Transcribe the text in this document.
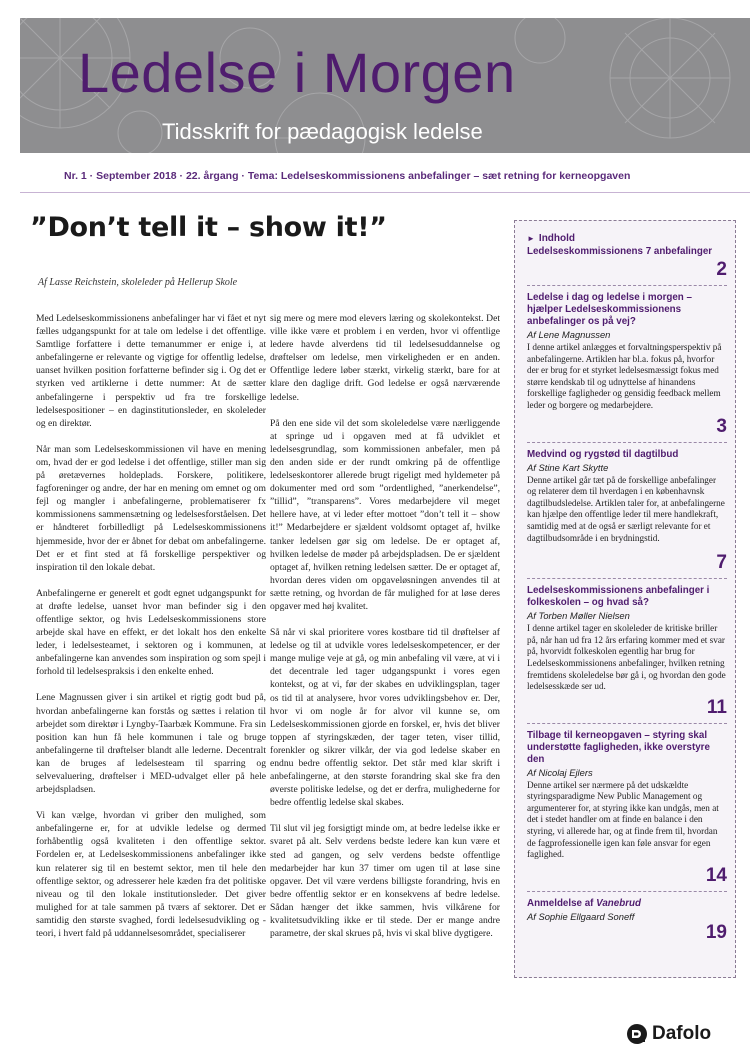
Ledelse i Morgen
Tidsskrift for pædagogisk ledelse
Nr. 1 · September 2018 · 22. årgang · Tema: Ledelseskommissionens anbefalinger – sæt retning for kerneopgaven
”Don’t tell it – show it!”
Af Lasse Reichstein, skoleleder på Hellerup Skole

Med Ledelseskommissionens anbefalinger har vi fået et nyt fælles udgangspunkt for at tale om ledelse i det offentlige. Samtlige forfattere i dette temanummer er enige i, at anbefalingerne er relevante og vigtige for offentlig ledelse, uanset hvilken position forfatterne befinder sig i. Og det er styrken ved artiklerne i dette nummer: At de sætter anbefalingerne i perspektiv ud fra tre forskellige ledelsespositioner – en daginstitutionsleder, en skoleleder og en direktør.

Når man som Ledelseskommissionen vil have en mening om, hvad der er god ledelse i det offentlige, stiller man sig på øretævernes holdeplads. Forskere, politikere, fagforeninger og andre, der har en mening om emnet og om fejl og mangler i anbefalingerne, problematiserer fx kommissionens sammensætning og ledelsesforståelsen. Det er håndteret forbilledligt på Ledelseskommissionens hjemmeside, hvor der er åbnet for debat om anbefalingerne. Det er et fint sted at få forskellige perspektiver og inspiration til den lokale debat.

Anbefalingerne er generelt et godt egnet udgangspunkt for at drøfte ledelse, uanset hvor man befinder sig i den offentlige sektor, og hvis Ledelseskommissionens store arbejde skal have en effekt, er det lokalt hos den enkelte leder, i ledelsesteamet, i sektoren og i kommunen, at anbefalingerne kan anvendes som inspiration og som spejl i forhold til ledelsespraksis i den enkelte enhed.

Lene Magnussen giver i sin artikel et rigtig godt bud på, hvordan anbefalingerne kan forstås og sættes i relation til arbejdet som direktør i Lyngby-Taarbæk Kommune. Fra sin position kan hun få hele kommunen i tale og bruge anbefalingerne til drøftelser blandt alle lederne. Decentralt kan de bruges af ledelsesteam til sparring og selvevaluering, drøftelser i MED-udvalget eller på hele arbejdspladsen.

Vi kan vælge, hvordan vi griber den mulighed, som anbefalingerne er, for at udvikle ledelse og dermed forhåbentlig også kvaliteten i den offentlige sektor. Fordelen er, at Ledelseskommissionens anbefalinger ikke kun relaterer sig til en bestemt sektor, men til hele den offentlige sektor, og adresserer hele kæden fra det politiske niveau og til den lokale institutionsleder. Det giver mulighed for at tale sammen på tværs af sektorer. Det er samtidig den største svaghed, fordi ledelsesudvikling og -teori, i hvert fald på uddannelsesområdet, specialiserer

sig mere og mere mod elevers læring og skolekontekst. Det ville ikke være et problem i en verden, hvor vi offentlige ledere havde alverdens tid til ledelsesuddannelse og drøftelser om ledelse, men virkeligheden er en anden. Offentlige ledere løber stærkt, virkelig stærkt, bare for at klare den daglige drift. God ledelse er også nærværende ledelse.

På den ene side vil det som skoleledelse være nærliggende at springe ud i opgaven med at få udviklet et ledelsesgrundlag, som kommissionen anbefaler, men på den anden side er der rundt omkring på de offentlige ledelseskontorer allerede brugt rigeligt med hyldemeter på dokumenter med ord som ”ordentlighed, ”anerkendelse”, ”tillid”, ”transparens”. Vores medarbejdere vil meget hellere have, at vi leder efter mottoet ”don’t tell it – show it!” Medarbejdere er sjældent voldsomt optaget af, hvilke tanker ledelsen gør sig om ledelse. De er optaget af, hvilken ledelse de møder på arbejdspladsen. De er sjældent optaget af, hvilken retning ledelsen sætter. De er optaget af, hvordan deres viden om opgaveløsningen anvendes til at sætte retning, og hvordan de får mulighed for at løse deres opgaver med høj kvalitet.

Så når vi skal prioritere vores kostbare tid til drøftelser af ledelse og til at udvikle vores ledelseskompetencer, er der mange mulige veje at gå, og min anbefaling vil være, at vi i det decentrale led tager udgangspunkt i vores egen kontekst, og at vi, før der skabes en udviklingsplan, tager os tid til at analysere, hvor vores udviklingsbehov er. Der, hvor vi om nogle år for alvor vil kunne se, om Ledelseskommissionen gjorde en forskel, er, hvis det bliver toppen af styringskæden, der tager teten, viser tillid, forenkler og sikrer vilkår, der via god ledelse skaber en endnu bedre offentlig sektor. Det står med klar skrift i anbefalingerne, at den største forandring skal ske fra den øverste politiske ledelse, og det er derfra, mulighederne for bedre offentlig ledelse skal skabes.

Til slut vil jeg forsigtigt minde om, at bedre ledelse ikke er svaret på alt. Selv verdens bedste ledere kan kun være et sted ad gangen, og selv verdens bedste offentlige medarbejder har kun 37 timer om ugen til at løse sine opgaver. Det vil være verdens billigste forandring, hvis en bedre offentlig sektor er en konsekvens af bedre ledelse. Sådan hænger det ikke sammen, hvis vilkårene for kvalitetsudvikling ikke er til stede. Der er mange andre parametre, der skal skrues på, hvis vi skal blive dygtigere.

► Indhold
Ledelseskommissionens 7 anbefalinger
2
Ledelse i dag og ledelse i morgen – hjælper Ledelseskommissionens anbefalinger os på vej?
Af Lene Magnussen
I denne artikel anlægges et forvaltningsperspektiv på anbefalingerne. Artiklen har bl.a. fokus på, hvorfor der er brug for et styrket ledelsesmæssigt fokus med større kendskab til og udnyttelse af hinandens forskellige fagligheder og gensidig feedback mellem leder og borgere og medarbejdere.
3
Medvind og rygstød til dagtilbud
Af Stine Kart Skytte
Denne artikel går tæt på de forskellige anbefalinger og relaterer dem til hverdagen i en københavnsk dagtilbudsledelse. Artiklen taler for, at anbefalingerne kan hjælpe den offentlige leder til mere handlekraft, samtidig med at de også er særligt relevante for et dagtilbudsområde i en brydningstid.
7
Ledelseskommissionens anbefalinger i folkeskolen – og hvad så?
Af Torben Møller Nielsen
I denne artikel tager en skoleleder de kritiske briller på, når han ud fra 12 års erfaring kommer med et svar på, hvorvidt folkeskolen egentlig har brug for Ledelseskommissionens anbefalinger, hvilken retning fremtidens skoleledelse bør gå i, og hvordan den gode ledelsesskæde ser ud.
11
Tilbage til kerneopgaven – styring skal understøtte fagligheden, ikke overstyre den
Af Nicolaj Ejlers
Denne artikel ser nærmere på det udskældte styringsparadigme New Public Management og argumenterer for, at styring ikke kan undgås, men at det i stedet handler om at finde en balance i den styring, vi allerede har, og at finde frem til, hvordan de fagprofessionelle igen kan føle ansvar for egen faglighed.
14
Anmeldelse af Vanebrud
Af Sophie Ellgaard Soneff
19
Dafolo
